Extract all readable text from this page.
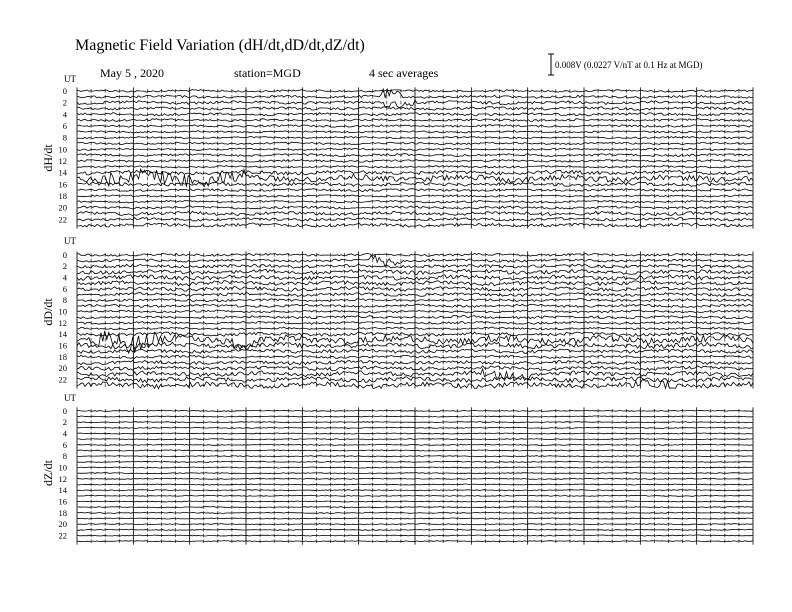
Magnetic Field Variation (dH/dt,dD/dt,dZ/dt)
May 5 , 2020	station=MGD	4 sec averages
0.008V (0.0227 V/nT at 0.1 Hz at MGD)
UT
dH/dt
0
2
4
6
8
10
12
14
16
18
20
22
UT
dD/dt
0
2
4
6
8
10
12
14
16
18
20
22
UT
dZ/dt
0
2
4
6
8
10
12
14
16
18
20
22
